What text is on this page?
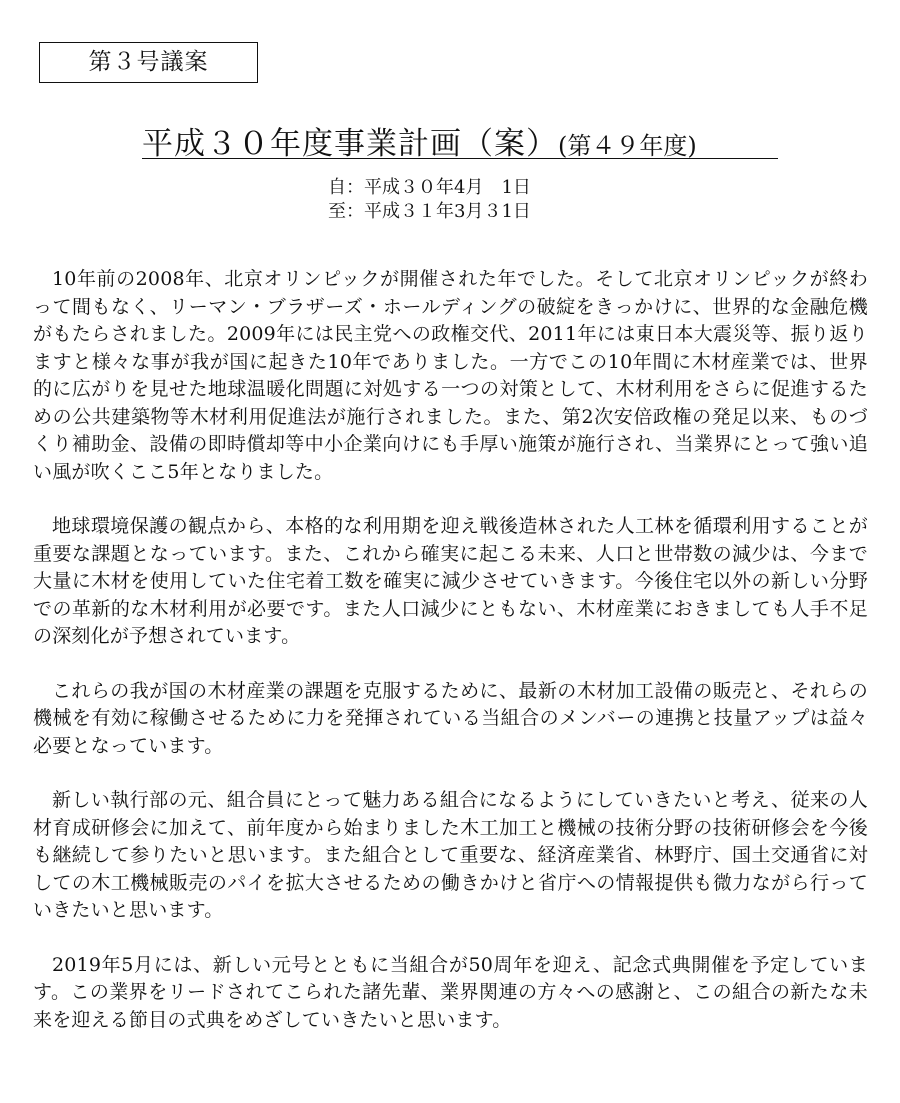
第３号議案
平成３０年度事業計画（案）(第４９年度)
自：平成３０年4月　1日
至：平成３１年3月３1日

10年前の2008年、北京オリンピックが開催された年でした。そして北京オリンピックが終わって間もなく、リーマン・ブラザーズ・ホールディングの破綻をきっかけに、世界的な金融危機がもたらされました。2009年には民主党への政権交代、2011年には東日本大震災等、振り返りますと様々な事が我が国に起きた10年でありました。一方でこの10年間に木材産業では、世界的に広がりを見せた地球温暖化問題に対処する一つの対策として、木材利用をさらに促進するための公共建築物等木材利用促進法が施行されました。また、第2次安倍政権の発足以来、ものづくり補助金、設備の即時償却等中小企業向けにも手厚い施策が施行され、当業界にとって強い追い風が吹くここ5年となりました。

地球環境保護の観点から、本格的な利用期を迎え戦後造林された人工林を循環利用することが重要な課題となっています。また、これから確実に起こる未来、人口と世帯数の減少は、今まで大量に木材を使用していた住宅着工数を確実に減少させていきます。今後住宅以外の新しい分野での革新的な木材利用が必要です。また人口減少にともない、木材産業におきましても人手不足の深刻化が予想されています。

これらの我が国の木材産業の課題を克服するために、最新の木材加工設備の販売と、それらの機械を有効に稼働させるために力を発揮されている当組合のメンバーの連携と技量アップは益々必要となっています。

新しい執行部の元、組合員にとって魅力ある組合になるようにしていきたいと考え、従来の人材育成研修会に加えて、前年度から始まりました木工加工と機械の技術分野の技術研修会を今後も継続して参りたいと思います。また組合として重要な、経済産業省、林野庁、国土交通省に対しての木工機械販売のパイを拡大させるための働きかけと省庁への情報提供も微力ながら行っていきたいと思います。

2019年5月には、新しい元号とともに当組合が50周年を迎え、記念式典開催を予定しています。この業界をリードされてこられた諸先輩、業界関連の方々への感謝と、この組合の新たな未来を迎える節目の式典をめざしていきたいと思います。
